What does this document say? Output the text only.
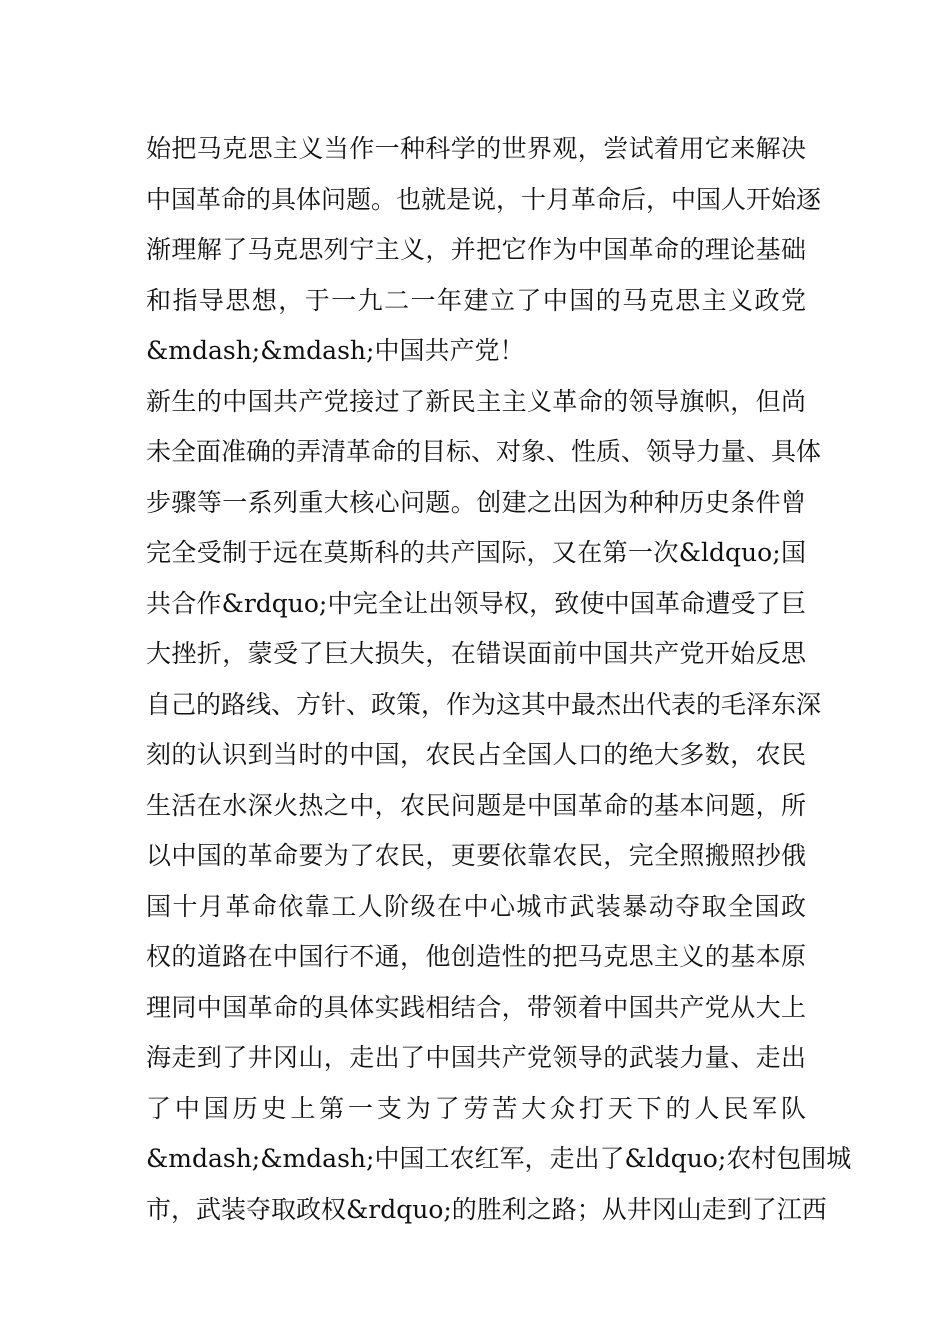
始把马克思主义当作一种科学的世界观，尝试着用它来解决
中国革命的具体问题。也就是说，十月革命后，中国人开始逐
渐理解了马克思列宁主义，并把它作为中国革命的理论基础
和指导思想，于一九二一年建立了中国的马克思主义政党
&mdash;&mdash;中国共产党！
新生的中国共产党接过了新民主主义革命的领导旗帜，但尚
未全面准确的弄清革命的目标、对象、性质、领导力量、具体
步骤等一系列重大核心问题。创建之出因为种种历史条件曾
完全受制于远在莫斯科的共产国际，又在第一次&ldquo;国
共合作&rdquo;中完全让出领导权，致使中国革命遭受了巨
大挫折，蒙受了巨大损失，在错误面前中国共产党开始反思
自己的路线、方针、政策，作为这其中最杰出代表的毛泽东深
刻的认识到当时的中国，农民占全国人口的绝大多数，农民
生活在水深火热之中，农民问题是中国革命的基本问题，所
以中国的革命要为了农民，更要依靠农民，完全照搬照抄俄
国十月革命依靠工人阶级在中心城市武装暴动夺取全国政
权的道路在中国行不通，他创造性的把马克思主义的基本原
理同中国革命的具体实践相结合，带领着中国共产党从大上
海走到了井冈山，走出了中国共产党领导的武装力量、走出
了中国历史上第一支为了劳苦大众打天下的人民军队
&mdash;&mdash;中国工农红军，走出了&ldquo;农村包围城
市，武装夺取政权&rdquo;的胜利之路；从井冈山走到了江西
